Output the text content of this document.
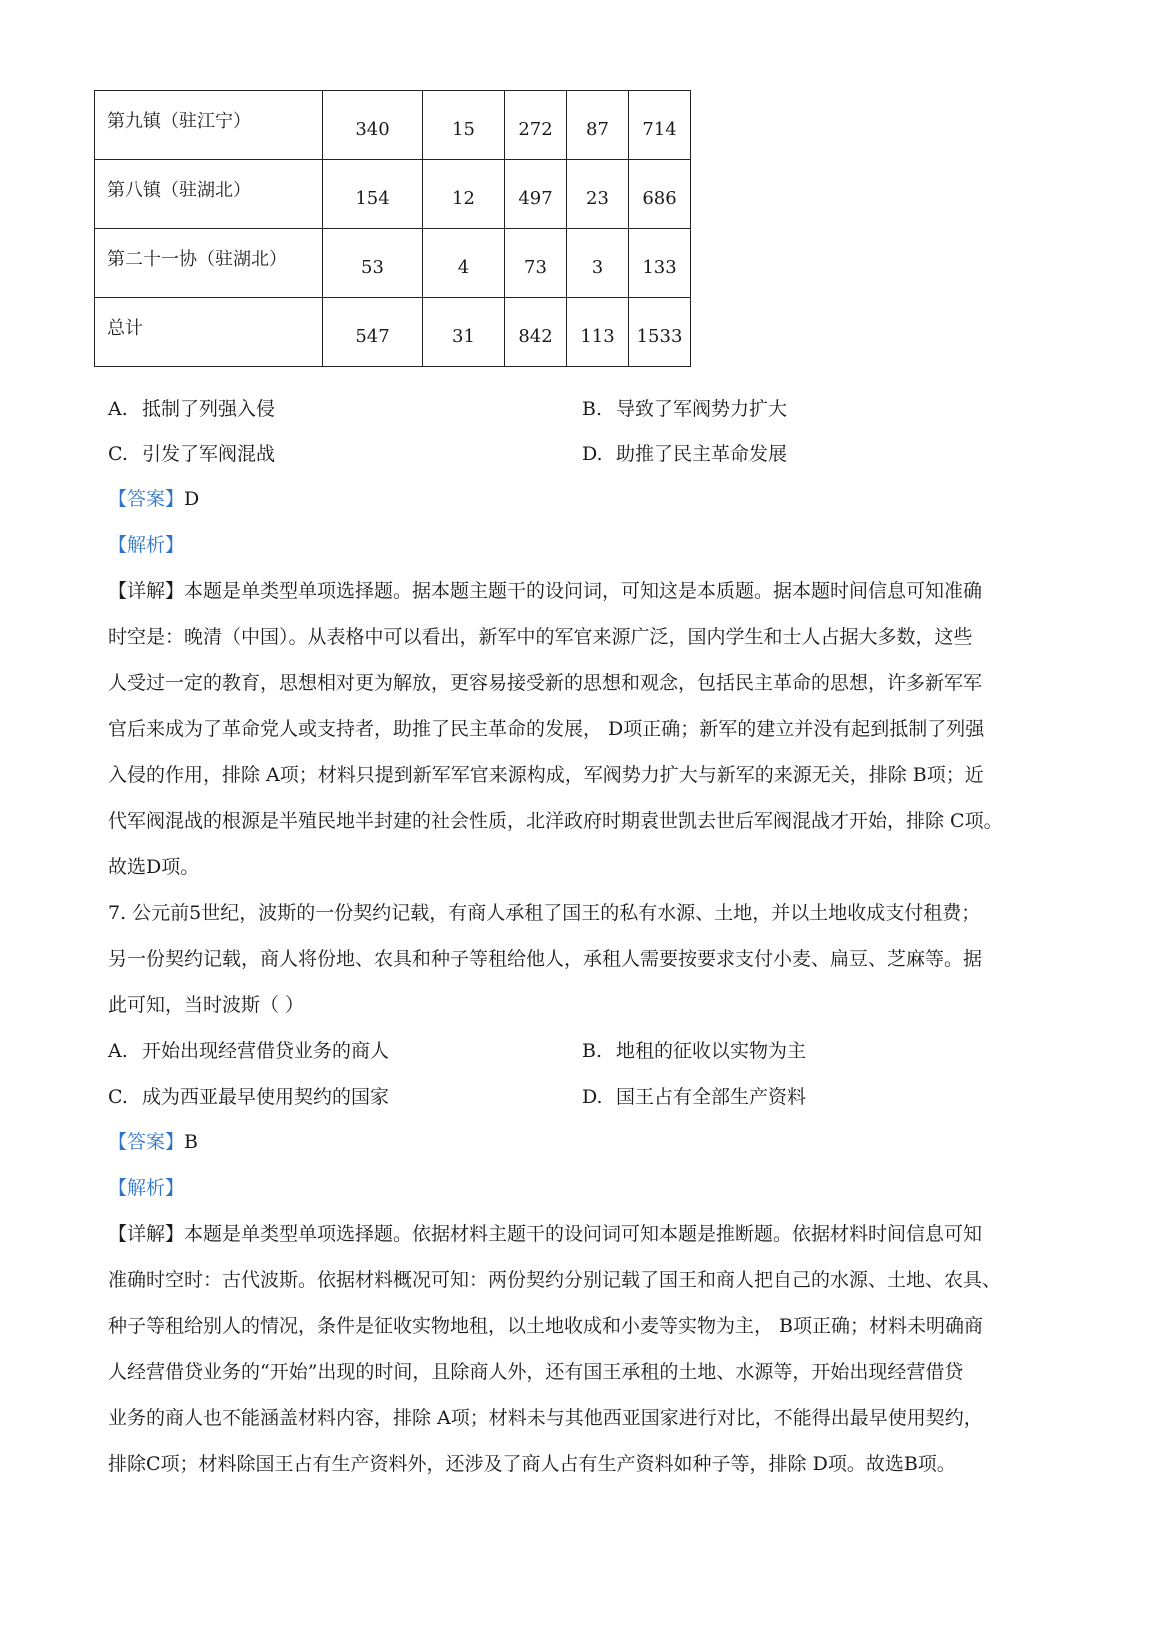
第九镇（驻江宁）	340	15	272	87	714
第八镇（驻湖北）	154	12	497	23	686
第二十一协（驻湖北）	53	4	73	3	133
总计	547	31	842	113	1533
A. 抵制了列强入侵	B. 导致了军阀势力扩大
C. 引发了军阀混战	D. 助推了民主革命发展
【答案】D
【解析】
【详解】本题是单类型单项选择题。据本题主题干的设问词，可知这是本质题。据本题时间信息可知准确
时空是：晚清（中国）。从表格中可以看出，新军中的军官来源广泛，国内学生和士人占据大多数，这些
人受过一定的教育，思想相对更为解放，更容易接受新的思想和观念，包括民主革命的思想，许多新军军
官后来成为了革命党人或支持者，助推了民主革命的发展， D项正确；新军的建立并没有起到抵制了列强
入侵的作用，排除 A项；材料只提到新军军官来源构成，军阀势力扩大与新军的来源无关，排除 B项；近
代军阀混战的根源是半殖民地半封建的社会性质，北洋政府时期袁世凯去世后军阀混战才开始，排除 C项。
故选D项。
7. 公元前5世纪，波斯的一份契约记载，有商人承租了国王的私有水源、土地，并以土地收成支付租费；
另一份契约记载，商人将份地、农具和种子等租给他人，承租人需要按要求支付小麦、扁豆、芝麻等。据
此可知，当时波斯（ ）
A. 开始出现经营借贷业务的商人	B. 地租的征收以实物为主
C. 成为西亚最早使用契约的国家	D. 国王占有全部生产资料
【答案】B
【解析】
【详解】本题是单类型单项选择题。依据材料主题干的设问词可知本题是推断题。依据材料时间信息可知
准确时空时：古代波斯。依据材料概况可知：两份契约分别记载了国王和商人把自己的水源、土地、农具、
种子等租给别人的情况，条件是征收实物地租，以土地收成和小麦等实物为主， B项正确；材料未明确商
人经营借贷业务的“开始”出现的时间，且除商人外，还有国王承租的土地、水源等，开始出现经营借贷
业务的商人也不能涵盖材料内容，排除 A项；材料未与其他西亚国家进行对比，不能得出最早使用契约，
排除C项；材料除国王占有生产资料外，还涉及了商人占有生产资料如种子等，排除 D项。故选B项。
